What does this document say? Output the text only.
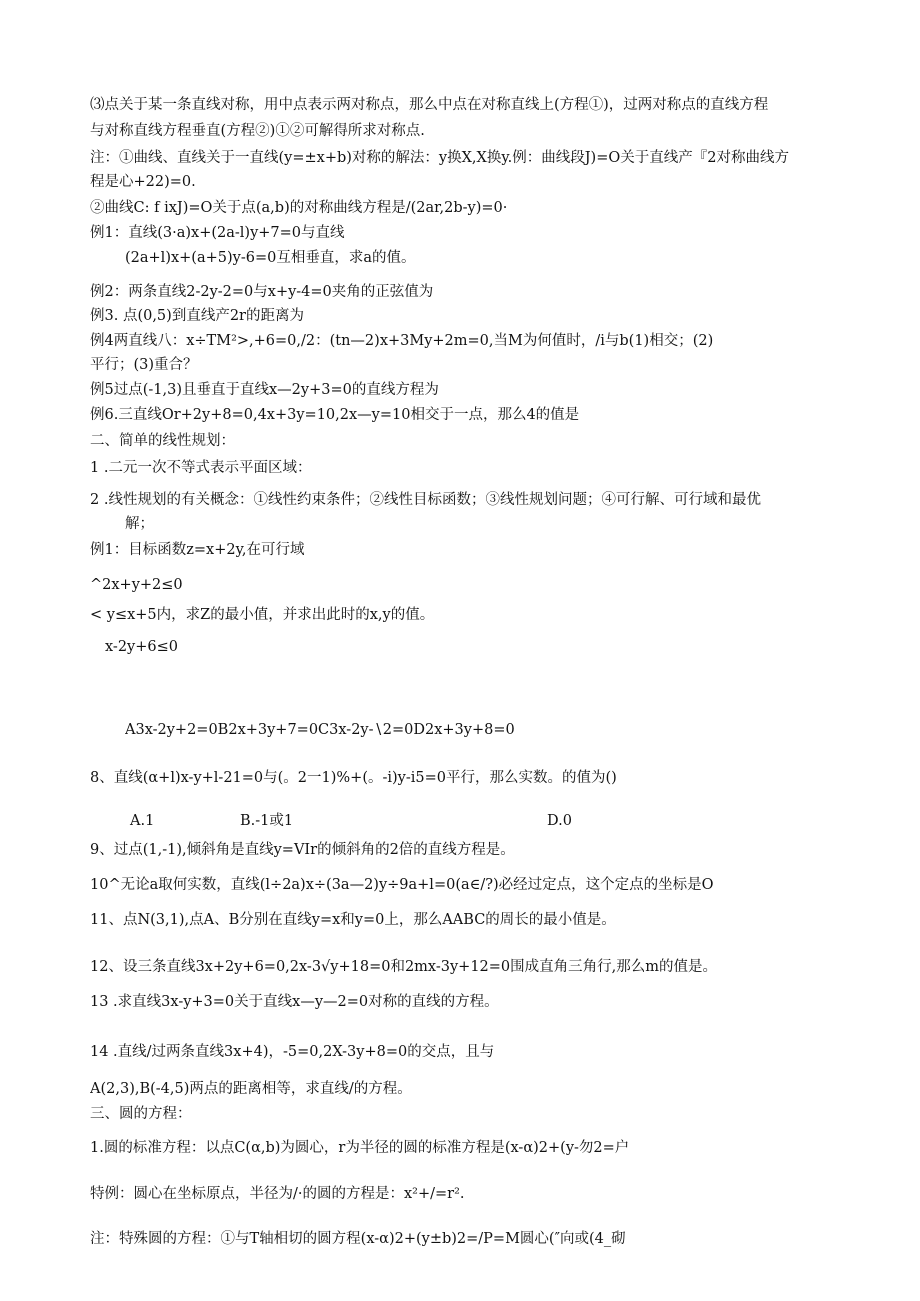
⑶点关于某一条直线对称，用中点表示两对称点，那么中点在对称直线上(方程①)，过两对称点的直线方程
与对称直线方程垂直(方程②)①②可解得所求对称点.
注：①曲线、直线关于一直线(y=±x+b)对称的解法：y换X,X换y.例：曲线段J)=O关于直线产『2对称曲线方
程是心+22)=0.
②曲线C: f ixJ)=O关于点(a,b)的对称曲线方程是/(2ar,2b-y)=0·
例1：直线(3·a)x+(2a-l)y+7=0与直线
(2a+l)x+(a+5)y-6=0互相垂直，求a的值。
例2：两条直线2-2y-2=0与x+y-4=0夹角的正弦值为
例3. 点(0,5)到直线产2r的距离为
例4两直线八：x÷TM²>,+6=0,/2：(tn—2)x+3My+2m=0,当M为何值时，/i与b(1)相交；(2)
平行；(3)重合？
例5过点(-1,3)且垂直于直线x—2y+3=0的直线方程为
例6.三直线Or+2y+8=0,4x+3y=10,2x—y=10相交于一点，那么4的值是
二、简单的线性规划：
1 .二元一次不等式表示平面区域：
2 .线性规划的有关概念：①线性约束条件；②线性目标函数；③线性规划问题；④可行解、可行域和最优
解；
例1：目标函数z=x+2y,在可行域
^2x+y+2≤0
< y≤x+5内，求Z的最小值，并求出此时的x,y的值。
x-2y+6≤0
A3x-2y+2=0B2x+3y+7=0C3x-2y-∖2=0D2x+3y+8=0
8、直线(α+l)x-y+l-21=0与(。2一1)%+(。-i)y-i5=0平行，那么实数。的值为()
A.1	B.-1或1	D.0
9、过点(1,-1),倾斜角是直线y=VIr的倾斜角的2倍的直线方程是。
10^无论a取何实数，直线(l÷2a)x÷(3a—2)y÷9a+l=0(a∈/?)必经过定点，这个定点的坐标是O
11、点N(3,1),点A、B分别在直线y=x和y=0上，那么AABC的周长的最小值是。
12、设三条直线3x+2y+6=0,2x-3√y+18=0和2mx-3y+12=0围成直角三角行,那么m的值是。
13 .求直线3x-y+3=0关于直线x—y—2=0对称的直线的方程。
14 .直线/过两条直线3x+4)，-5=0,2X-3y+8=0的交点，且与
A(2,3),B(-4,5)两点的距离相等，求直线/的方程。
三、圆的方程：
1.圆的标准方程：以点C(α,b)为圆心，r为半径的圆的标准方程是(x-α)2+(y-勿2=户
特例：圆心在坐标原点，半径为/·的圆的方程是：x²+/=r².
注：特殊圆的方程：①与T轴相切的圆方程(x-α)2+(y±b)2=/P=M圆心(″向或(4_砌
